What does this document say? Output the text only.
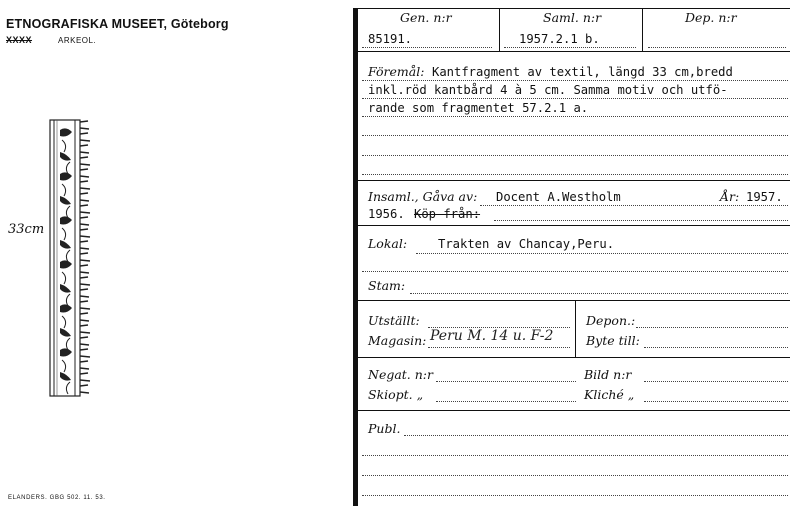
ETNOGRAFISKA MUSEET, Göteborg
XXXX	ARKEOL.
33cm
ELANDERS. GBG 502. 11. 53.
Gen. n:r
85191.
Saml. n:r
1957.2.1 b.
Dep. n:r
Föremål: Kantfragment av textil, längd 33 cm,bredd
inkl.röd kantbård 4 à 5 cm. Samma motiv och utfö-
rande som fragmentet 57.2.1 a.
Insaml., Gåva av: Docent A.Westholm	År: 1957.
1956. Köp från:
Lokal:	Trakten av Chancay,Peru.
Stam:
Utställt:
Magasin: Peru M. 14 u. F-2
Depon.:
Byte till:
Negat. n:r
Skiopt. „
Bild n:r
Kliché „
Publ.
